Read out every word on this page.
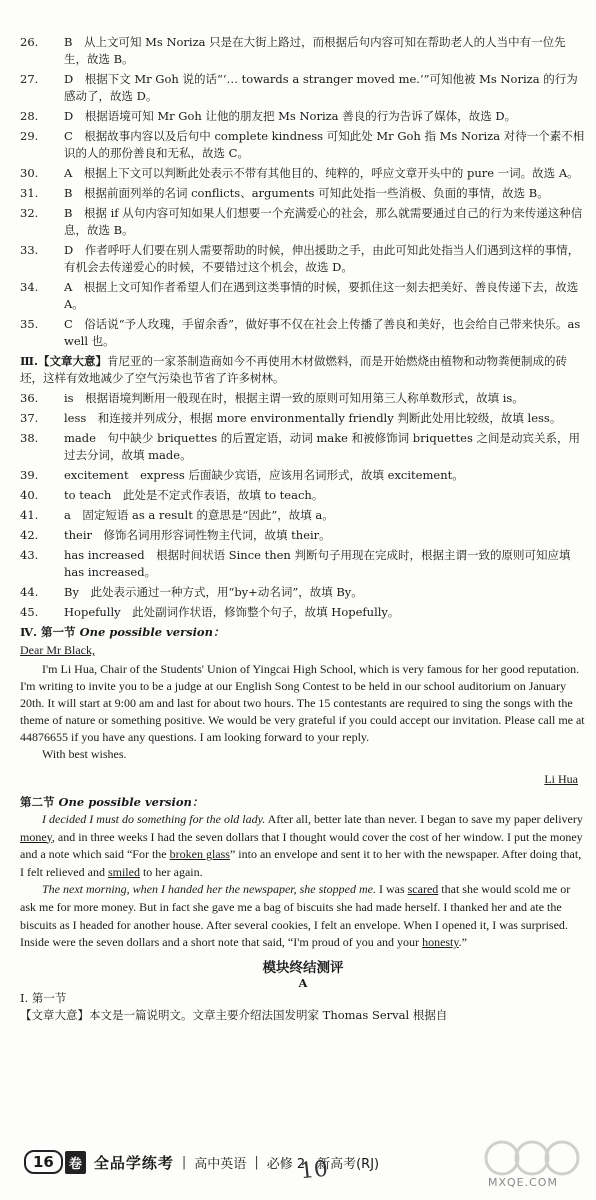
26. B　从上文可知 Ms Noriza 只是在大街上路过，而根据后句内容可知在帮助老人的人当中有一位先生，故选 B。
27. D　根据下文 Mr Goh 说的话“‘… towards a stranger moved me.’”可知他被 Ms Noriza 的行为感动了，故选 D。
28. D　根据语境可知 Mr Goh 让他的朋友把 Ms Noriza 善良的行为告诉了媒体，故选 D。
29. C　根据故事内容以及后句中 complete kindness 可知此处 Mr Goh 指 Ms Noriza 对待一个素不相识的人的那份善良和无私，故选 C。
30. A　根据上下文可以判断此处表示不带有其他目的、纯粹的，呼应文章开头中的 pure 一词。故选 A。
31. B　根据前面列举的名词 conflicts、arguments 可知此处指一些消极、负面的事情，故选 B。
32. B　根据 if 从句内容可知如果人们想要一个充满爱心的社会，那么就需要通过自己的行为来传递这种信息，故选 B。
33. D　作者呼吁人们要在别人需要帮助的时候，伸出援助之手，由此可知此处指当人们遇到这样的事情，有机会去传递爱心的时候，不要错过这个机会，故选 D。
34. A　根据上文可知作者希望人们在遇到这类事情的时候，要抓住这一刻去把美好、善良传递下去，故选 A。
35. C　俗话说“予人玫瑰，手留余香”，做好事不仅在社会上传播了善良和美好，也会给自己带来快乐。as well 也。
Ⅲ.【文章大意】肯尼亚的一家茶制造商如今不再使用木材做燃料，而是开始燃烧由植物和动物粪便制成的砖坯，这样有效地减少了空气污染也节省了许多树林。
36. is　根据语境判断用一般现在时，根据主谓一致的原则可知用第三人称单数形式，故填 is。
37. less　和连接并列成分，根据 more environmentally friendly 判断此处用比较级，故填 less。
38. made　句中缺少 briquettes 的后置定语，动词 make 和被修饰词 briquettes 之间是动宾关系，用过去分词，故填 made。
39. excitement　express 后面缺少宾语，应该用名词形式，故填 excitement。
40. to teach　此处是不定式作表语，故填 to teach。
41. a　固定短语 as a result 的意思是“因此”，故填 a。
42. their　修饰名词用形容词性物主代词，故填 their。
43. has increased　根据时间状语 Since then 判断句子用现在完成时，根据主谓一致的原则可知应填 has increased。
44. By　此处表示通过一种方式，用“by+动名词”，故填 By。
45. Hopefully　此处副词作状语，修饰整个句子，故填 Hopefully。
Ⅳ. 第一节 One possible version：
Dear Mr Black,

I'm Li Hua, Chair of the Students' Union of Yingcai High School, which is very famous for her good reputation. I'm writing to invite you to be a judge at our English Song Contest to be held in our school auditorium on January 20th. It will start at 9:00 am and last for about two hours. The 15 contestants are required to sing the songs with the theme of nature or something positive. We would be very grateful if you could accept our invitation. Please call me at 44876655 if you have any questions. I am looking forward to your reply.

With best wishes.

Li Hua
第二节 One possible version：

I decided I must do something for the old lady. After all, better late than never. I began to save my paper delivery money, and in three weeks I had the seven dollars that I thought would cover the cost of her window. I put the money and a note which said “For the broken glass” into an envelope and sent it to her with the newspaper. After doing that, I felt relieved and smiled to her again.

The next morning, when I handed her the newspaper, she stopped me. I was scared that she would scold me or ask me for more money. But in fact she gave me a bag of biscuits she had made herself. I thanked her and ate the biscuits as I headed for another house. After several cookies, I felt an envelope. When I opened it, I was surprised. Inside were the seven dollars and a short note that said, “I'm proud of you and your honesty.”

模块终结测评
A
Ⅰ. 第一节
【文章大意】本文是一篇说明文。文章主要介绍法国发明家 Thomas Serval 根据自
16	卷 全品学练考 | 高中英语 | 必修 2 新高考(RJ)
10	MXQE.COM
